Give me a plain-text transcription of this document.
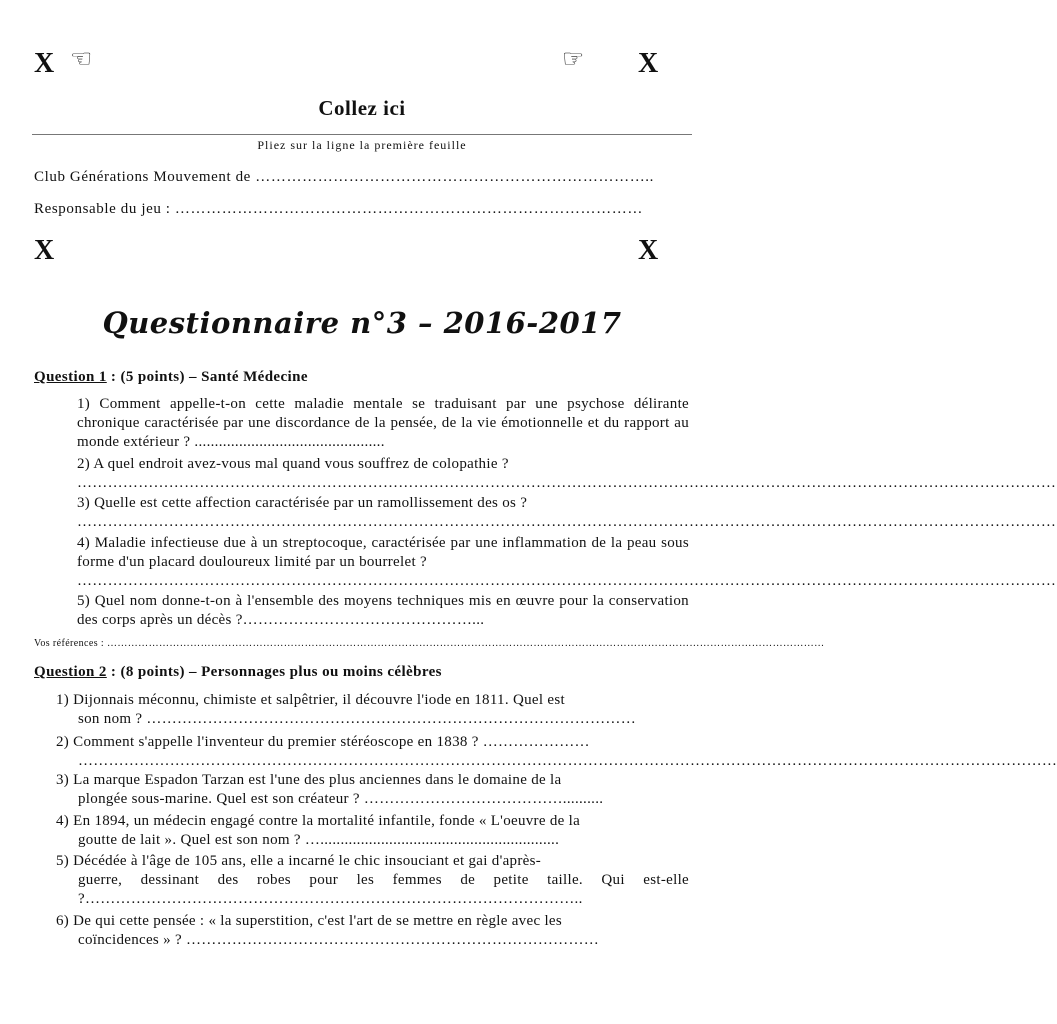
X ☜	☞ X
Collez ici
Pliez sur la ligne la première feuille
Club Générations Mouvement de …………………………………………………………………..
Responsable du jeu : ………………………………………………………………………………
X	X
Questionnaire n°3 – 2016-2017
Question 1 : (5 points) – Santé Médecine
1) Comment appelle-t-on cette maladie mentale se traduisant par une psychose délirante chronique caractérisée par une discordance de la pensée, de la vie émotionnelle et du rapport au monde extérieur ? ...............................................
2) A quel endroit avez-vous mal quand vous souffrez de colopathie ?
…………………………………………………………………………………………………………………………………………………………………………
3) Quelle est cette affection caractérisée par un ramollissement des os ?
…………………………………………………………………………………………………………………………………………………………………………
4) Maladie infectieuse due à un streptocoque, caractérisée par une inflammation de la peau sous forme d'un placard douloureux limité par un bourrelet ?
…………………………………………………………………………………………………………………………………………………………………………
5) Quel nom donne-t-on à l'ensemble des moyens techniques mis en œuvre pour la conservation des corps après un décès ?………………………………………...
Vos références : ………………………………………………………………………………………………………………………………………………………………………………………
Question 2 : (8 points) – Personnages plus ou moins célèbres
1) Dijonnais méconnu, chimiste et salpêtrier, il découvre l'iode en 1811. Quel est
son nom ? ……………………………………………………………………………………
2) Comment s'appelle l'inventeur du premier stéréoscope en 1838 ? …………………
…………………………………………………………………………………………………………………………………………………………………………
3) La marque Espadon Tarzan est l'une des plus anciennes dans le domaine de la
plongée sous-marine. Quel est son créateur ? …………………………………..........
4) En 1894, un médecin engagé contre la mortalité infantile, fonde « L'oeuvre de la
goutte de lait ». Quel est son nom ? …...........................................................
5) Décédée à l'âge de 105 ans, elle a incarné le chic insouciant et gai d'après-
guerre, dessinant des robes pour les femmes de petite taille. Qui est-elle ?……………………………………………………………………………………..
6) De qui cette pensée : « la superstition, c'est l'art de se mettre en règle avec les
coïncidences » ? ………………………………………………………………………
